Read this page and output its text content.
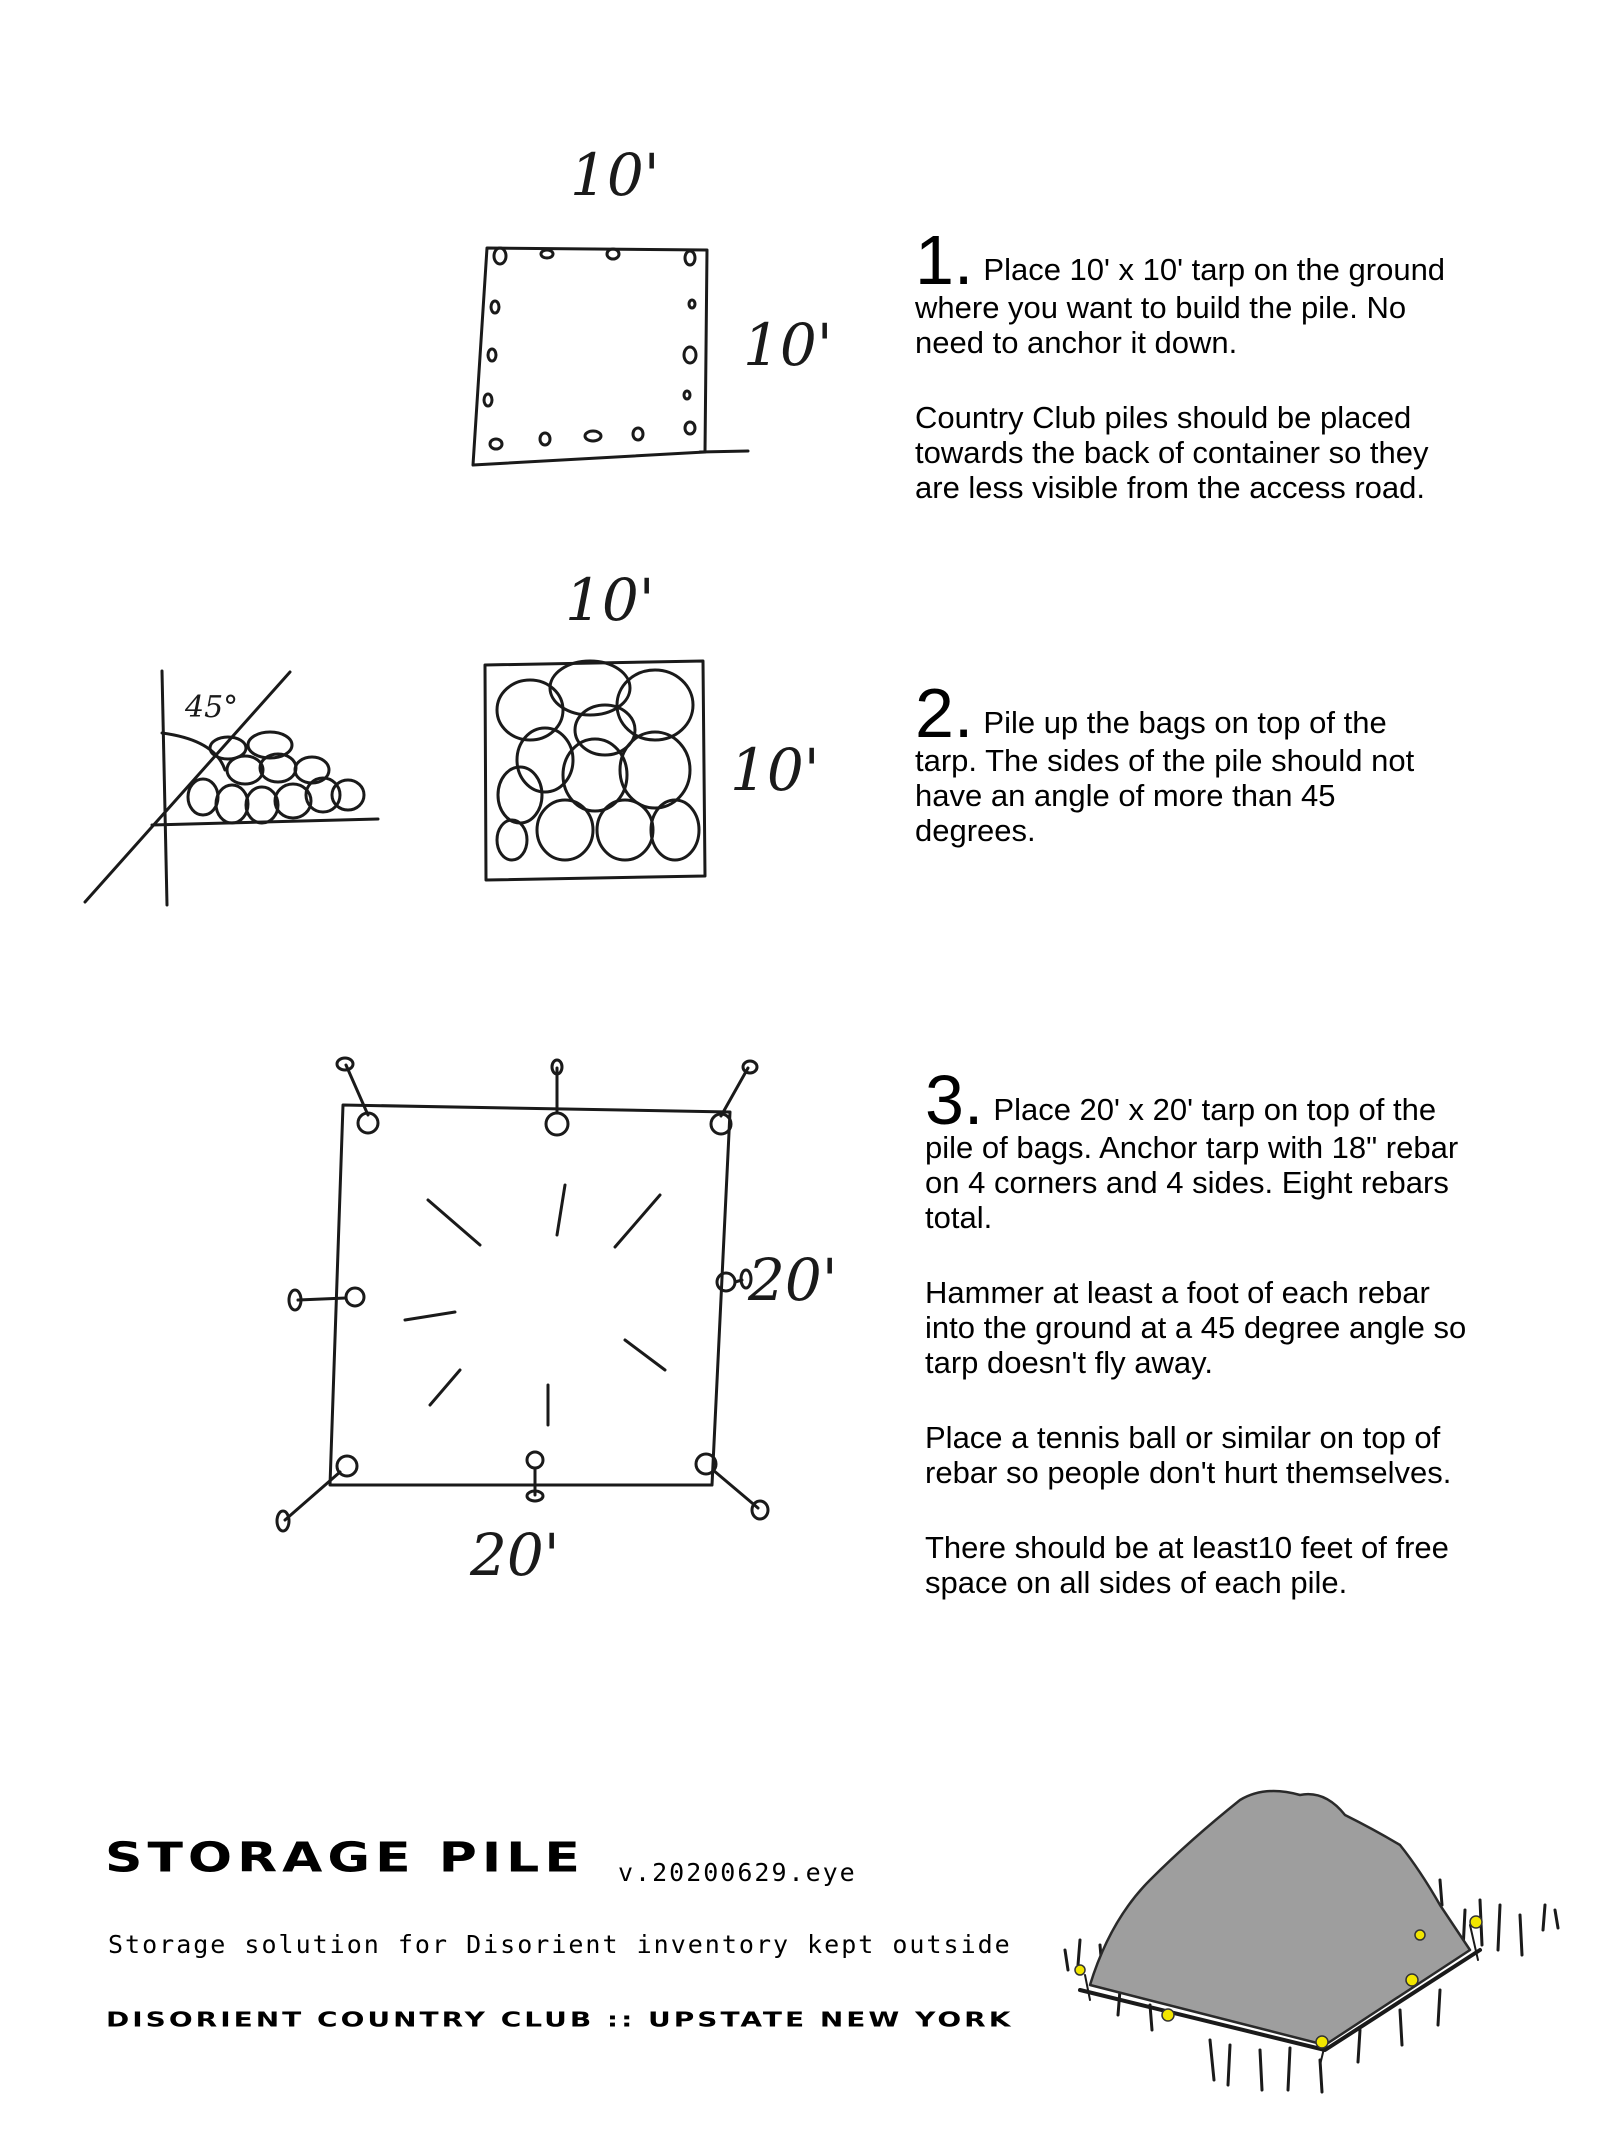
10'
10'
10'
10'
45°
20'
20'

1. Place 10' x 10' tarp on the ground where you want to build the pile. No need to anchor it down.

Country Club piles should be placed towards the back of container so they are less visible from the access road.

2. Pile up the bags on top of the tarp. The sides of the pile should not have an angle of more than 45 degrees.

3. Place 20' x 20' tarp on top of the pile of bags. Anchor tarp with 18" rebar on 4 corners and 4 sides. Eight rebars total.

Hammer at least a foot of each rebar into the ground at a 45 degree angle so tarp doesn't fly away.

Place a tennis ball or similar on top of rebar so people don't hurt themselves.

There should be at least10 feet of free space on all sides of each pile.

STORAGE PILE v.20200629.eye
Storage solution for Disorient inventory kept outside
DISORIENT COUNTRY CLUB :: UPSTATE NEW YORK
